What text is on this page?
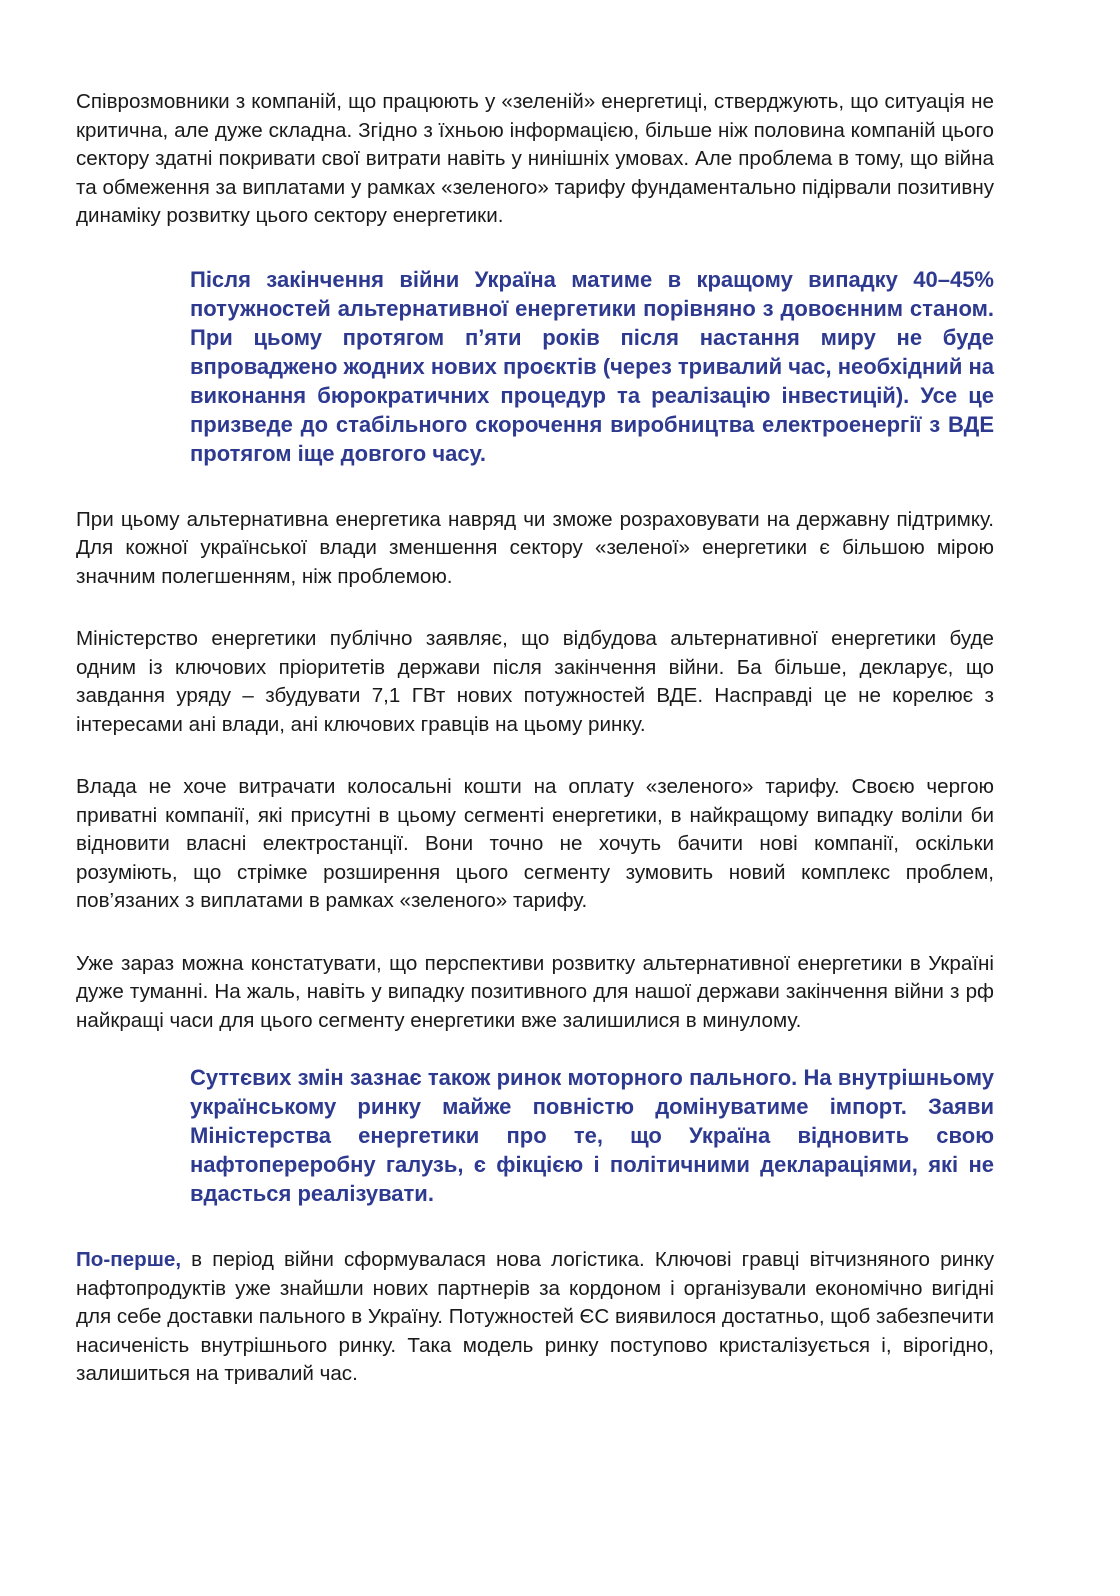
Співрозмовники з компаній, що працюють у «зеленій» енергетиці, стверджують, що ситуація не критична, але дуже складна. Згідно з їхньою інформацією, більше ніж половина компаній цього сектору здатні покривати свої витрати навіть у нинішніх умовах. Але проблема в тому, що війна та обмеження за виплатами у рамках «зеленого» тарифу фундаментально підірвали позитивну динаміку розвитку цього сектору енергетики.

Після закінчення війни Україна матиме в кращому випадку 40–45% потужностей альтернативної енергетики порівняно з довоєнним станом. При цьому протягом п’яти років після настання миру не буде впроваджено жодних нових проєктів (через тривалий час, необхідний на виконання бюрократичних процедур та реалізацію інвестицій). Усе це призведе до стабільного скорочення виробництва електроенергії з ВДЕ протягом іще довгого часу.

При цьому альтернативна енергетика навряд чи зможе розраховувати на державну підтримку. Для кожної української влади зменшення сектору «зеленої» енергетики є більшою мірою значним полегшенням, ніж проблемою.

Міністерство енергетики публічно заявляє, що відбудова альтернативної енергетики буде одним із ключових пріоритетів держави після закінчення війни. Ба більше, декларує, що завдання уряду – збудувати 7,1 ГВт нових потужностей ВДЕ. Насправді це не корелює з інтересами ані влади, ані ключових гравців на цьому ринку.

Влада не хоче витрачати колосальні кошти на оплату «зеленого» тарифу. Своєю чергою приватні компанії, які присутні в цьому сегменті енергетики, в найкращому випадку воліли би відновити власні електростанції. Вони точно не хочуть бачити нові компанії, оскільки розуміють, що стрімке розширення цього сегменту зумовить новий комплекс проблем, пов’язаних з виплатами в рамках «зеленого» тарифу.

Уже зараз можна констатувати, що перспективи розвитку альтернативної енергетики в Україні дуже туманні. На жаль, навіть у випадку позитивного для нашої держави закінчення війни з рф найкращі часи для цього сегменту енергетики вже залишилися в минулому.

Суттєвих змін зазнає також ринок моторного пального. На внутрішньому українському ринку майже повністю домінуватиме імпорт. Заяви Міністерства енергетики про те, що Україна відновить свою нафтопереробну галузь, є фікцією і політичними деклараціями, які не вдасться реалізувати.

По-перше, в період війни сформувалася нова логістика. Ключові гравці вітчизняного ринку нафтопродуктів уже знайшли нових партнерів за кордоном і організували економічно вигідні для себе доставки пального в Україну. Потужностей ЄС виявилося достатньо, щоб забезпечити насиченість внутрішнього ринку. Така модель ринку поступово кристалізується і, вірогідно, залишиться на тривалий час.
